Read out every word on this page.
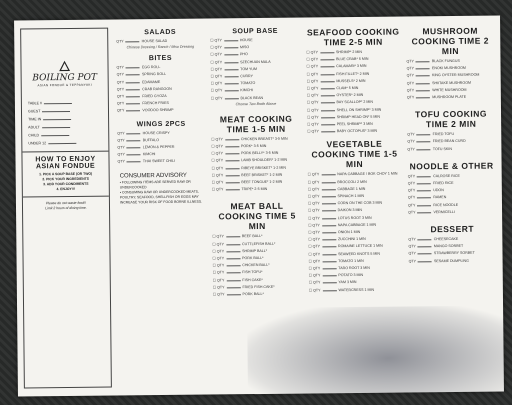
🜂
BOILING POT
ASIAN FONDUE & TEPPANYAKI
TABLE #
GUEST
TIME IN
ADULT
CHILD
UNDER 12
HOW TO ENJOY ASIAN FONDUE
1. PICK A SOUP BASE (OR TWO)
2. PICK YOUR INGREDIENTS
3. ADD YOUR CONDIMENTS
4. ENJOY!!!
Please do not waste food!!
Limit 2 hours of dining time.
SALADS
QTY	HOUSE SALAD
Chinese Dressing / Ranch / Miso Dressing
BITES
QTY	EGG ROLL
QTY	SPRING ROLL
QTY	EDAMAME
QTY	CRAB RANGOON
QTY	FRIED GYOZA
QTY	FRENCH FRIES
QTY	VOODOO SHRIMP
WINGS 2PCS
QTY	HOUSE CRISPY
QTY	BUFFALO
QTY	LEMON & PEPPER
QTY	KIMCHI
QTY	THAI SWEET CHILI
CONSUMER ADVISORY
• FOLLOWING ITEMS ARE SERVED RAW OR UNDERCOOKED
• CONSUMING RAW OR UNDERCOOKED MEATS, POULTRY, SEAFOOD, SHELLFISH OR EGGS MAY INCREASE YOUR RISK OF FOOD BORNE ILLNESS.
SOUP BASE
☐ QTY	HOUSE
☐ QTY	MISO
☐ QTY	PHO
☐ QTY	SZECHUAN MALA
☐ QTY	TOM YUM
☐ QTY	CURRY
☐ QTY	TOMATO
☐ QTY	KIMCHI
☐ QTY	BLACK BEAN
Choose Two Broth Above
MEAT COOKING TIME 1-5 MIN
☐ QTY	CHICKEN BREAST* 3-5 MIN
☐ QTY	PORK* 3-5 MIN
☐ QTY	PORK BELLY* 3-5 MIN
☐ QTY	LAMB SHOULDER* 1-2 MIN
☐ QTY	RIBEYE BRISKET* 1-2 MIN
☐ QTY	BEEF BRISKET* 1-2 MIN
☐ QTY	BEEF TONGUE* 1-2 MIN
☐ QTY	TRIPE* 2-5 MIN
MEAT BALL COOKING TIME 5 MIN
☐ QTY	BEEF BALL*
☐ QTY	CUTTLEFISH BALL*
☐ QTY	SHRIMP BALL*
☐ QTY	PORK BALL*
☐ QTY	CHICKEN BALL*
☐ QTY	FISH TOFU*
☐ QTY	FISH CAKE*
☐ QTY	FRIED FISH CAKE*
☐ QTY	PORK BALL*
SEAFOOD COOKING TIME 2-5 MIN
☐ QTY	SHRIMP* 2 MIN
☐ QTY	BLUE CRAB* 5 MIN
☐ QTY	CALAMARI* 3 MIN
☐ QTY	FISH FILLET* 2 MIN
☐ QTY	MUSSELS* 2 MIN
☐ QTY	CLAM* 5 MIN
☐ QTY	OYSTER* 2 MIN
☐ QTY	BAY SCALLOP* 2 MIN
☐ QTY	SHELL ON SHRIMP* 3 MIN
☐ QTY	SHRIMP HEAD ON* 5 MIN
☐ QTY	PEEL SHRIMP* 3 MIN
☐ QTY	BABY OCTOPUS* 3 MIN
VEGETABLE COOKING TIME 1-5 MIN
☐ QTY	NAPA CABBAGE / BOK CHOY 1 MIN
☐ QTY	BROCCOLI 2 MIN
☐ QTY	CABBAGE 1 MIN
☐ QTY	SPINACH 1 MIN
☐ QTY	CORN ON THE COB 3 MIN
☐ QTY	DAIKON 3 MIN
☐ QTY	LOTUS ROOT 3 MIN
☐ QTY	NAPA CABBAGE 1 MIN
☐ QTY	ONION 1 MIN
☐ QTY	ZUCCHINI 1 MIN
☐ QTY	ROMAINE LETTUCE 1 MIN
☐ QTY	SEAWEED KNOTS 5 MIN
☐ QTY	TOMATO 1 MIN
☐ QTY	TARO ROOT 3 MIN
☐ QTY	POTATO 3 MIN
☐ QTY	YAM 3 MIN
☐ QTY	WATERCRESS 1 MIN
MUSHROOM COOKING TIME 2 MIN
QTY	BLACK FUNGUS
QTY	ENOKI MUSHROOM
QTY	KING OYSTER MUSHROOM
QTY	SHIITAKE MUSHROOM
QTY	WHITE MUSHROOM
QTY	MUSHROOM PLATE
TOFU COOKING TIME 2 MIN
QTY	FRIED TOFU
QTY	FRIED BEAN CURD
QTY	TOFU SKIN
NOODLE & OTHER
QTY	CALROSE RICE
QTY	FRIED RICE
QTY	UDON
QTY	RAMEN
QTY	RICE NOODLE
QTY	VERMICELLI
DESSERT
QTY	CHEESECAKE
QTY	MANGO SORBET
QTY	STRAWBERRY SORBET
QTY	SESAME DUMPLING
